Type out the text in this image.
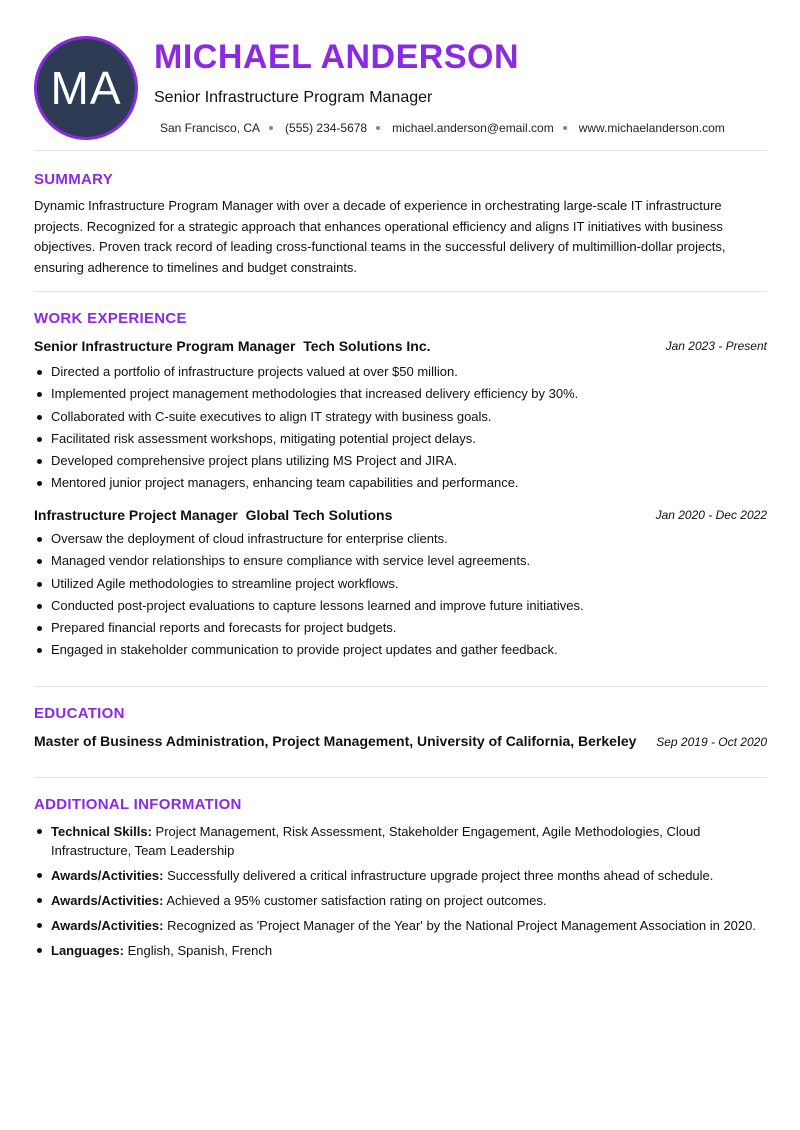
MA
MICHAEL ANDERSON
Senior Infrastructure Program Manager
San Francisco, CA (555) 234-5678 michael.anderson@email.com www.michaelanderson.com
SUMMARY
Dynamic Infrastructure Program Manager with over a decade of experience in orchestrating large-scale IT infrastructure projects. Recognized for a strategic approach that enhances operational efficiency and aligns IT initiatives with business objectives. Proven track record of leading cross-functional teams in the successful delivery of multimillion-dollar projects, ensuring adherence to timelines and budget constraints.
WORK EXPERIENCE
Senior Infrastructure Program Manager Tech Solutions Inc.	Jan 2023 - Present
Directed a portfolio of infrastructure projects valued at over $50 million.
Implemented project management methodologies that increased delivery efficiency by 30%.
Collaborated with C-suite executives to align IT strategy with business goals.
Facilitated risk assessment workshops, mitigating potential project delays.
Developed comprehensive project plans utilizing MS Project and JIRA.
Mentored junior project managers, enhancing team capabilities and performance.
Infrastructure Project Manager Global Tech Solutions	Jan 2020 - Dec 2022
Oversaw the deployment of cloud infrastructure for enterprise clients.
Managed vendor relationships to ensure compliance with service level agreements.
Utilized Agile methodologies to streamline project workflows.
Conducted post-project evaluations to capture lessons learned and improve future initiatives.
Prepared financial reports and forecasts for project budgets.
Engaged in stakeholder communication to provide project updates and gather feedback.
EDUCATION
Master of Business Administration, Project Management, University of California, Berkeley Sep 2019 - Oct 2020
ADDITIONAL INFORMATION
Technical Skills: Project Management, Risk Assessment, Stakeholder Engagement, Agile Methodologies, Cloud Infrastructure, Team Leadership
Awards/Activities: Successfully delivered a critical infrastructure upgrade project three months ahead of schedule.
Awards/Activities: Achieved a 95% customer satisfaction rating on project outcomes.
Awards/Activities: Recognized as 'Project Manager of the Year' by the National Project Management Association in 2020.
Languages: English, Spanish, French
